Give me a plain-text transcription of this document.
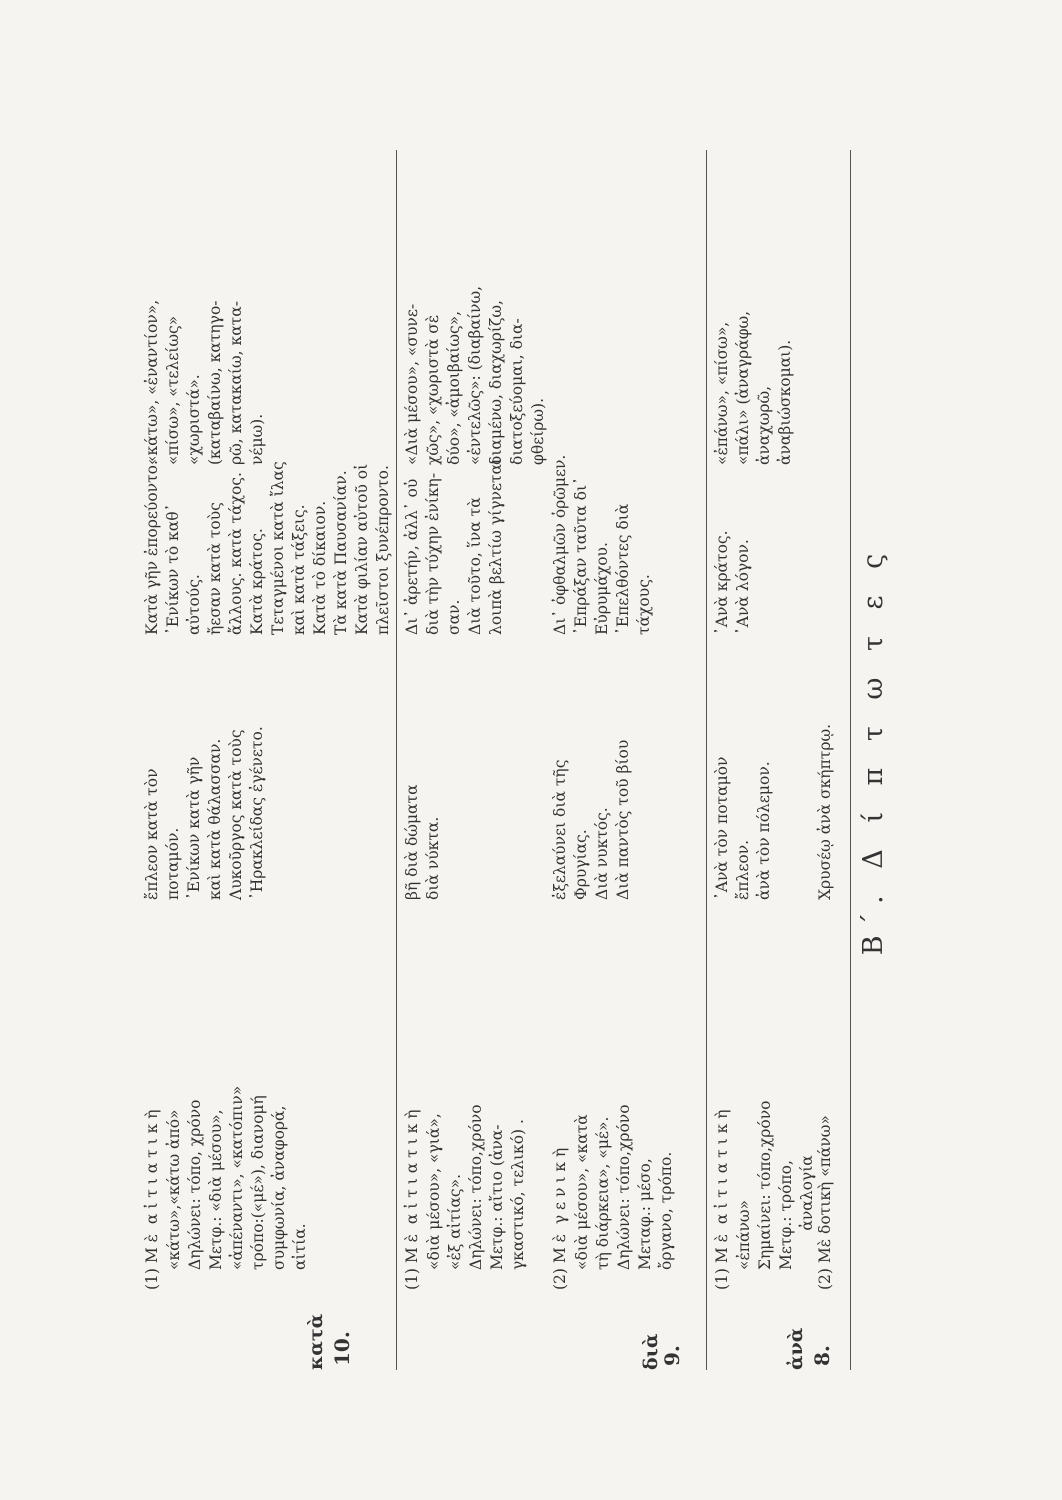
Β΄. Δ ί π τ ω τ ε ς
8.
ἀνὰ
(1) Μ ὲ  α ἰ τ ι α τ ι κ ὴ «ἐπάνω»
Σημαίνει: τόπο,χρόνο
Μετφ.: τρόπο,
ἀναλογία (2) Μὲ δοτικὴ «πάνω»
᾽Ανὰ τὸν ποταμὸν
ἔπλεον.
ἀνὰ τὸν πόλεμον.	Χρυσέῳ ἀνὰ σκήπτρῳ.
᾽Ανὰ κράτος.
᾽Ανὰ λόγον.
«ἐπάνω», «πίσω»,
«πάλι» (ἀναγράφω,
ἀναχωρῶ,
ἀναβιώσκομαι).
9.
διὰ
(1) Μ ὲ  α ἰ τ ι α τ ι κ ὴ «διὰ μέσου», «γιά»,
«ἐξ αἰτίας».
Δηλώνει: τόπο,χρόνο
Μετφ.: αἴτιο (ἀνα-
γκαστικό, τελικό) .
(2) Μ ὲ  γ ε ν ι κ ὴ «διὰ μέσου», «κατὰ
τὴ διάρκεια», «μέ».
Δηλώνει: τόπο,χρόνο
Μεταφ.: μέσο,
ὄργανο, τρόπο.
βῆ διὰ δώματα
διὰ νύκτα.	ἐξελαύνει διὰ τῆς
Φρυγίας.
Διὰ νυκτός.
Διὰ παντὸς τοῦ βίου
Δι᾽ ἀρετήν, ἀλλ᾽ οὐ
διὰ τὴν τύχην ἐνίκη-
σαν.
Διὰ τοῦτο, ἵνα τὰ
λοιπὰ βελτίω γίγνεται
Δι᾽ ὀφθαλμῶν ὁρῶμεν.
᾽Επράξαν ταῦτα δι᾽
Εὐρυμάχου.
᾽Επελθόντες διὰ
τάχους.
«Διὰ μέσου», «συνε-
χῶς», «χωριστὰ σὲ
δύο», «ἀμοιβαίως»,
«ἐντελῶς»: (διαβαίνω,
διαμένω, διαχωρίζω,
διατοξεύομαι, δια-
φθείρω).
10.
κατὰ
(1) Μ ὲ  α ἰ τ ι α τ ι κ ὴ «κάτω»,«κάτω ἀπό»
Δηλώνει: τόπο, χρόνο
Μετφ.: «διὰ μέσου»,
«ἀπέναντι», «κατόπιν»
τρόπο:(«μέ»), διανομή
συμφωνία, ἀναφορά,
αἰτία.
ἔπλεον κατὰ τὸν
ποταμόν.
᾽Ενίκων κατὰ γῆν
καὶ κατὰ θάλασσαν.
Λυκοῦργος κατὰ τοὺς
᾽Ηρακλείδας ἐγένετο.
Κατὰ γῆν ἐπορεύοντο.
᾽Ενίκων τὸ καθ᾽
αὐτούς.
ἤεσαν κατὰ τοὺς
ἄλλους. κατὰ τάχος.
Κατὰ κράτος.
Τεταγμένοι κατὰ ἴλας
καὶ κατὰ τάξεις.
Κατὰ τὸ δίκαιον.
Τὰ κατὰ Παυσανίαν.
Κατὰ φιλίαν αὐτοῦ οἱ
πλεῖστοι ξυνέπροντο.
«κάτω», «ἐναντίον»,
«πίσω», «τελείως»
«χωριστά».
(καταβαίνω, κατηγο-
ρῶ, κατακαίω, κατα-
νέμω).
